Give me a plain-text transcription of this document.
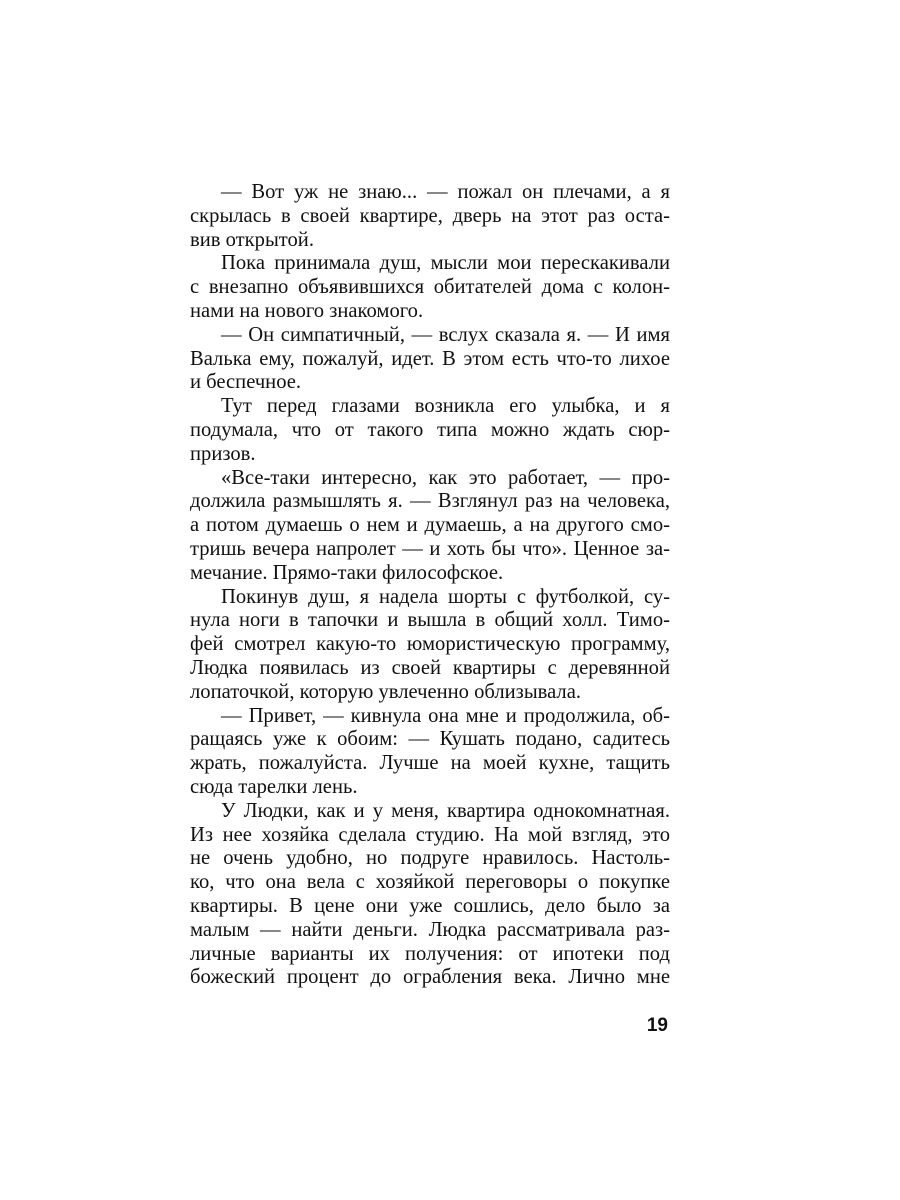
— Вот уж не знаю... — пожал он плечами, а я
скрылась в своей квартире, дверь на этот раз оста-
вив открытой.
Пока принимала душ, мысли мои перескакивали
с внезапно объявившихся обитателей дома с колон-
нами на нового знакомого.
— Он симпатичный, — вслух сказала я. — И имя
Валька ему, пожалуй, идет. В этом есть что-то лихое
и беспечное.
Тут перед глазами возникла его улыбка, и я
подумала, что от такого типа можно ждать сюр-
призов.
«Все-таки интересно, как это работает, — про-
должила размышлять я. — Взглянул раз на человека,
а потом думаешь о нем и думаешь, а на другого смо-
тришь вечера напролет — и хоть бы что». Ценное за-
мечание. Прямо-таки философское.
Покинув душ, я надела шорты с футболкой, су-
нула ноги в тапочки и вышла в общий холл. Тимо-
фей смотрел какую-то юмористическую программу,
Людка появилась из своей квартиры с деревянной
лопаточкой, которую увлеченно облизывала.
— Привет, — кивнула она мне и продолжила, об-
ращаясь уже к обоим: — Кушать подано, садитесь
жрать, пожалуйста. Лучше на моей кухне, тащить
сюда тарелки лень.
У Людки, как и у меня, квартира однокомнатная.
Из нее хозяйка сделала студию. На мой взгляд, это
не очень удобно, но подруге нравилось. Настоль-
ко, что она вела с хозяйкой переговоры о покупке
квартиры. В цене они уже сошлись, дело было за
малым — найти деньги. Людка рассматривала раз-
личные варианты их получения: от ипотеки под
божеский процент до ограбления века. Лично мне
19
